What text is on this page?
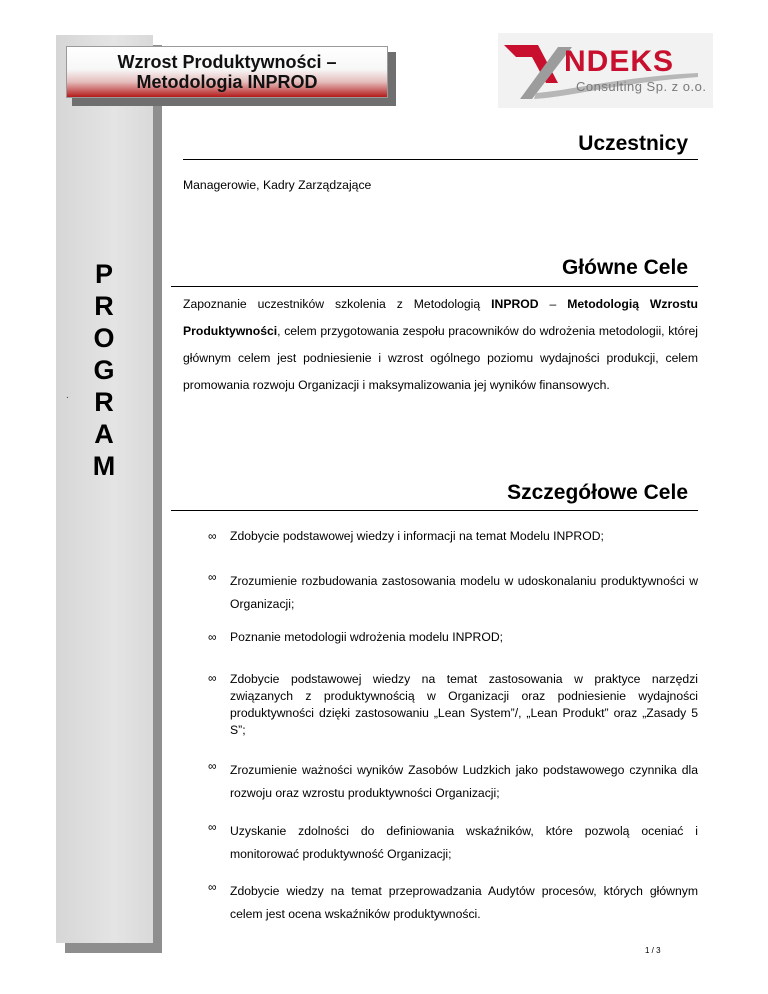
Wzrost Produktywności –
Metodologia INPROD
NDEKS
Consulting Sp. z o.o.
P
R
O
G
R
A
M
.
Uczestnicy
Managerowie, Kadry Zarządzające
Główne Cele
Zapoznanie uczestników szkolenia z Metodologią INPROD – Metodologią Wzrostu Produktywności, celem przygotowania zespołu pracowników do wdrożenia metodologii, której głównym celem jest podniesienie i wzrost ogólnego poziomu wydajności produkcji, celem promowania rozwoju Organizacji i maksymalizowania jej wyników finansowych.
Szczegółowe Cele
∞	Zdobycie podstawowej wiedzy i informacji na temat Modelu INPROD;
∞	Zrozumienie rozbudowania zastosowania modelu w udoskonalaniu produktywności w Organizacji;
∞	Poznanie metodologii wdrożenia modelu INPROD;
∞	Zdobycie podstawowej wiedzy na temat zastosowania w praktyce narzędzi związanych z produktywnością w Organizacji oraz podniesienie wydajności produktywności dzięki zastosowaniu „Lean System”/, „Lean Produkt” oraz „Zasady 5 S”;
∞	Zrozumienie ważności wyników Zasobów Ludzkich jako podstawowego czynnika dla rozwoju oraz wzrostu produktywności Organizacji;
∞	Uzyskanie zdolności do definiowania wskaźników, które pozwolą oceniać i monitorować produktywność Organizacji;
∞	Zdobycie wiedzy na temat przeprowadzania Audytów procesów, których głównym celem jest ocena wskaźników produktywności.
1 / 3
